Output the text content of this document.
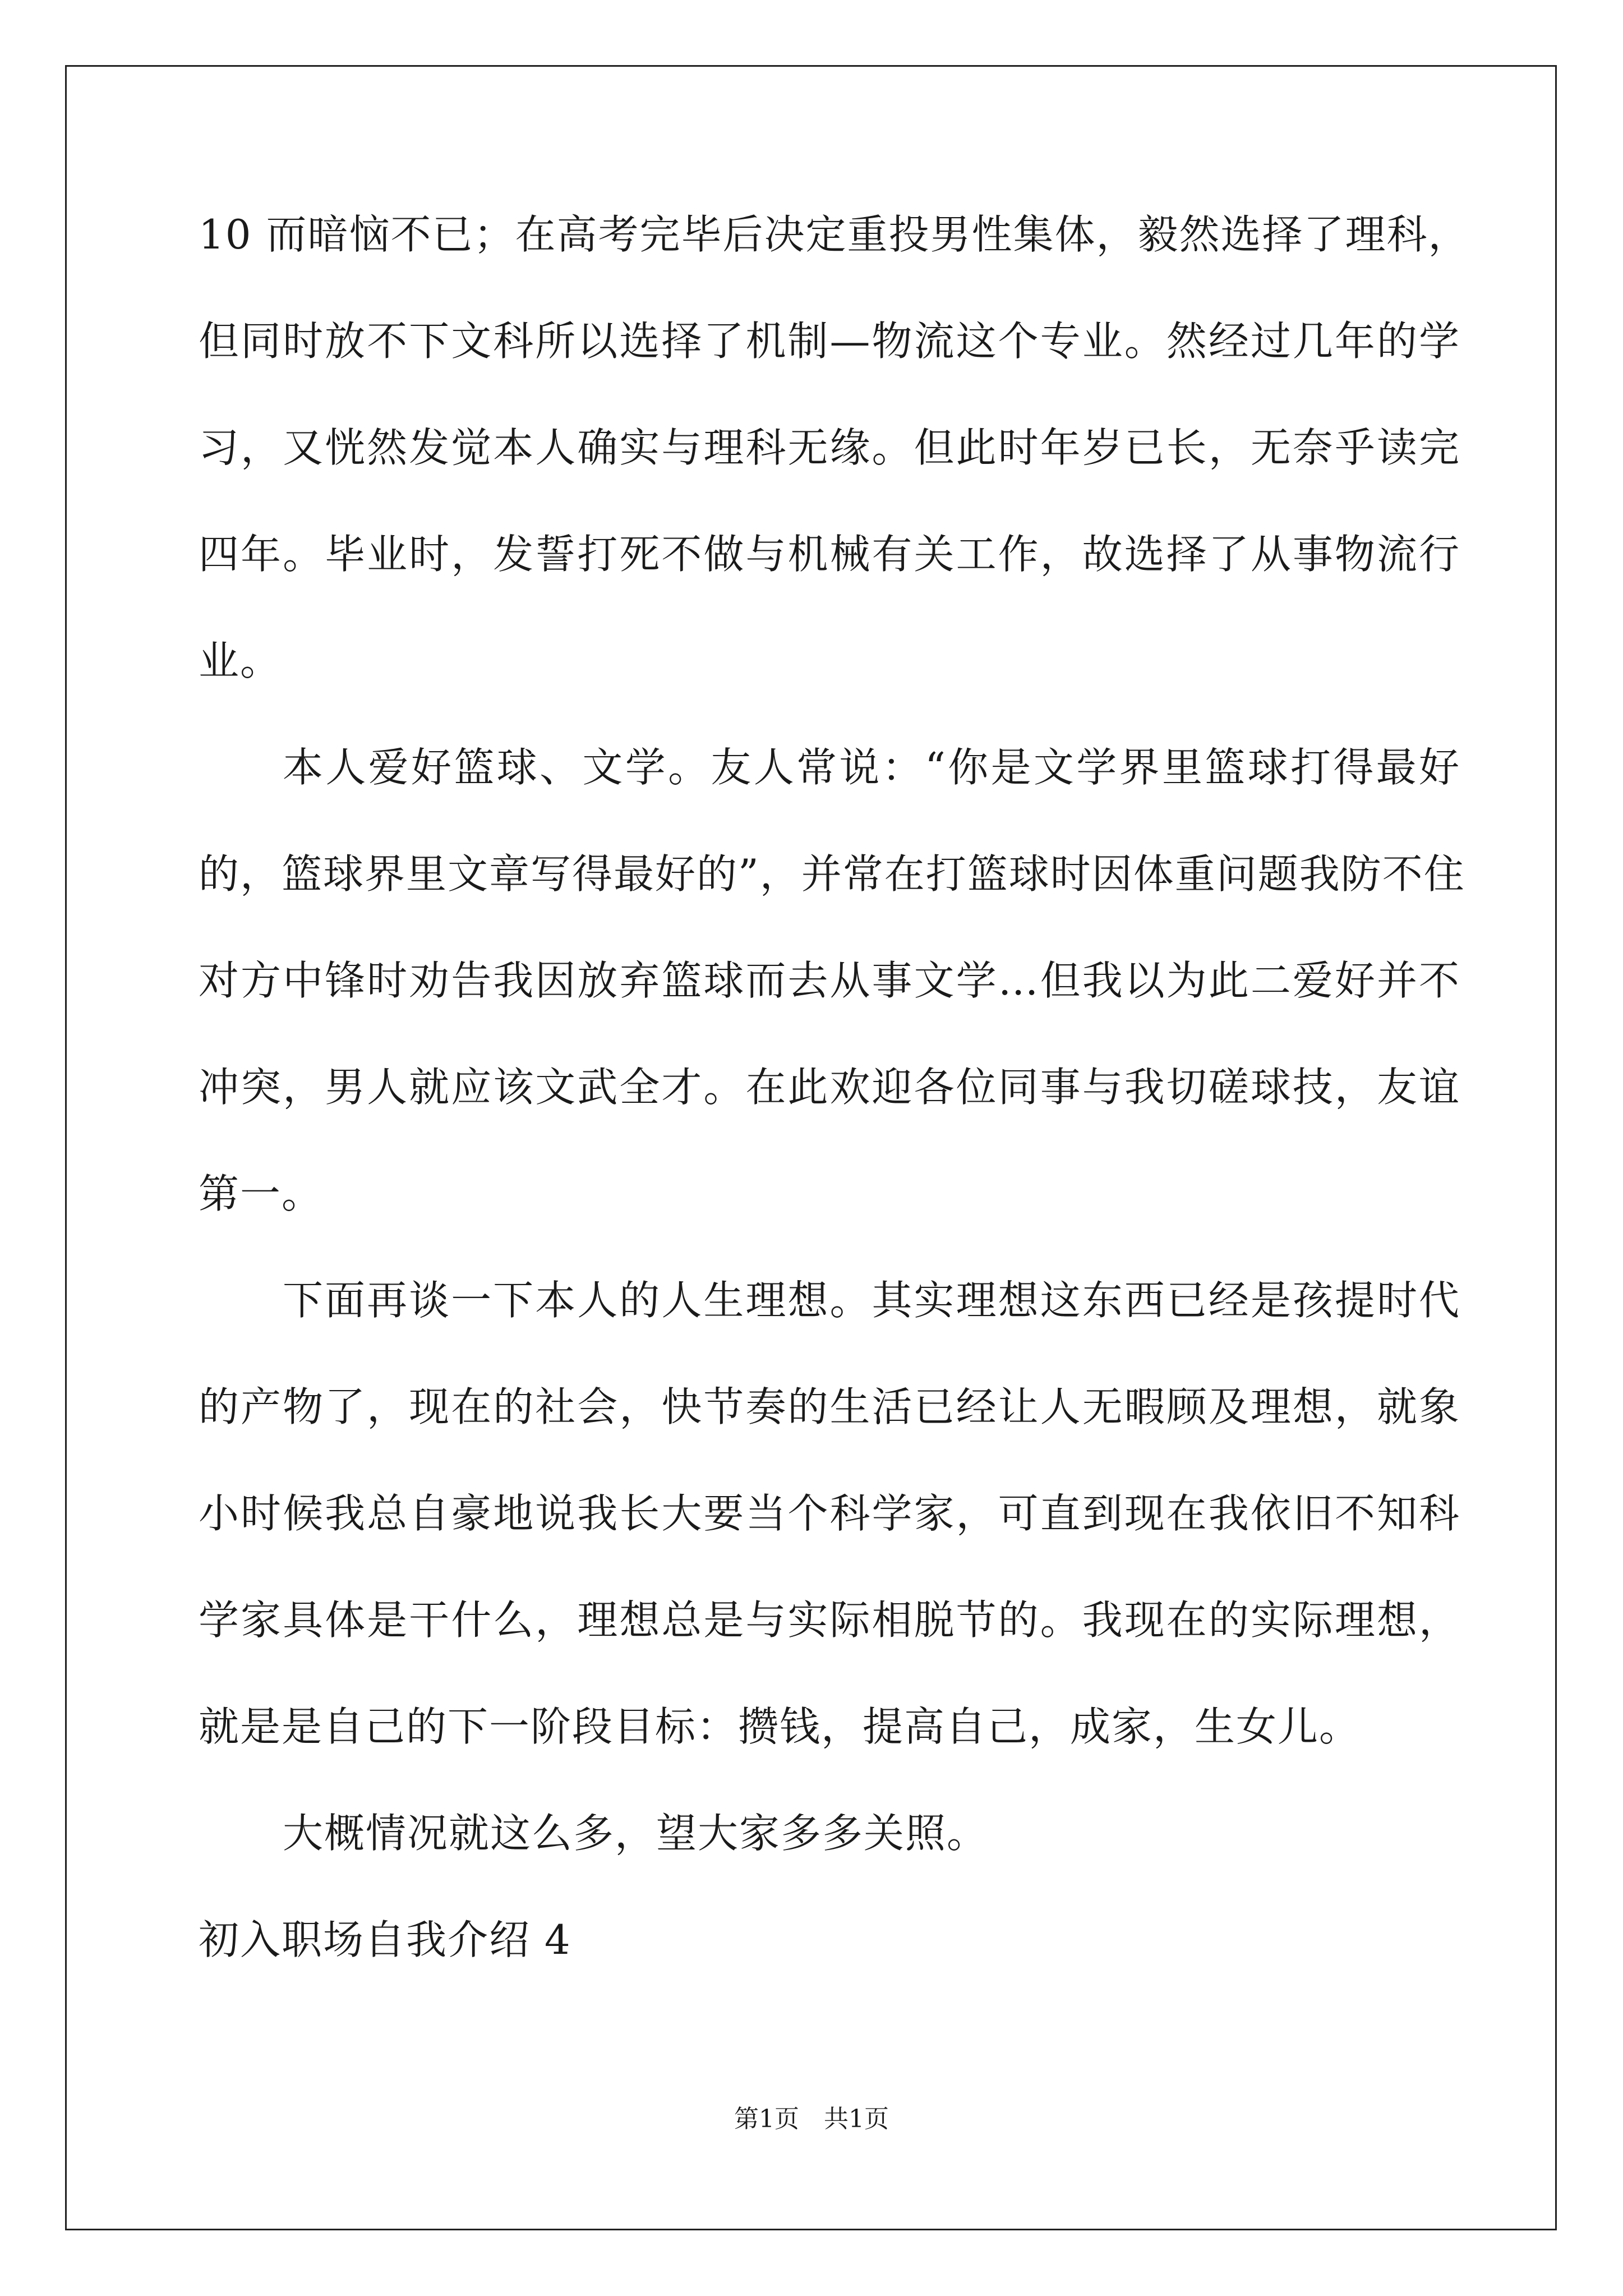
10 而暗恼不已；在高考完毕后决定重投男性集体，毅然选择了理科，
但同时放不下文科所以选择了机制—物流这个专业。然经过几年的学
习，又恍然发觉本人确实与理科无缘。但此时年岁已长，无奈乎读完
四年。毕业时，发誓打死不做与机械有关工作，故选择了从事物流行
业。
本人爱好篮球、文学。友人常说：“你是文学界里篮球打得最好
的，篮球界里文章写得最好的”，并常在打篮球时因体重问题我防不住
对方中锋时劝告我因放弃篮球而去从事文学…但我以为此二爱好并不
冲突，男人就应该文武全才。在此欢迎各位同事与我切磋球技，友谊
第一。
下面再谈一下本人的人生理想。其实理想这东西已经是孩提时代
的产物了，现在的社会，快节奏的生活已经让人无暇顾及理想，就象
小时候我总自豪地说我长大要当个科学家，可直到现在我依旧不知科
学家具体是干什么，理想总是与实际相脱节的。我现在的实际理想，
就是是自己的下一阶段目标：攒钱，提高自己，成家，生女儿。
大概情况就这么多，望大家多多关照。
初入职场自我介绍 4
第1页　共1页
